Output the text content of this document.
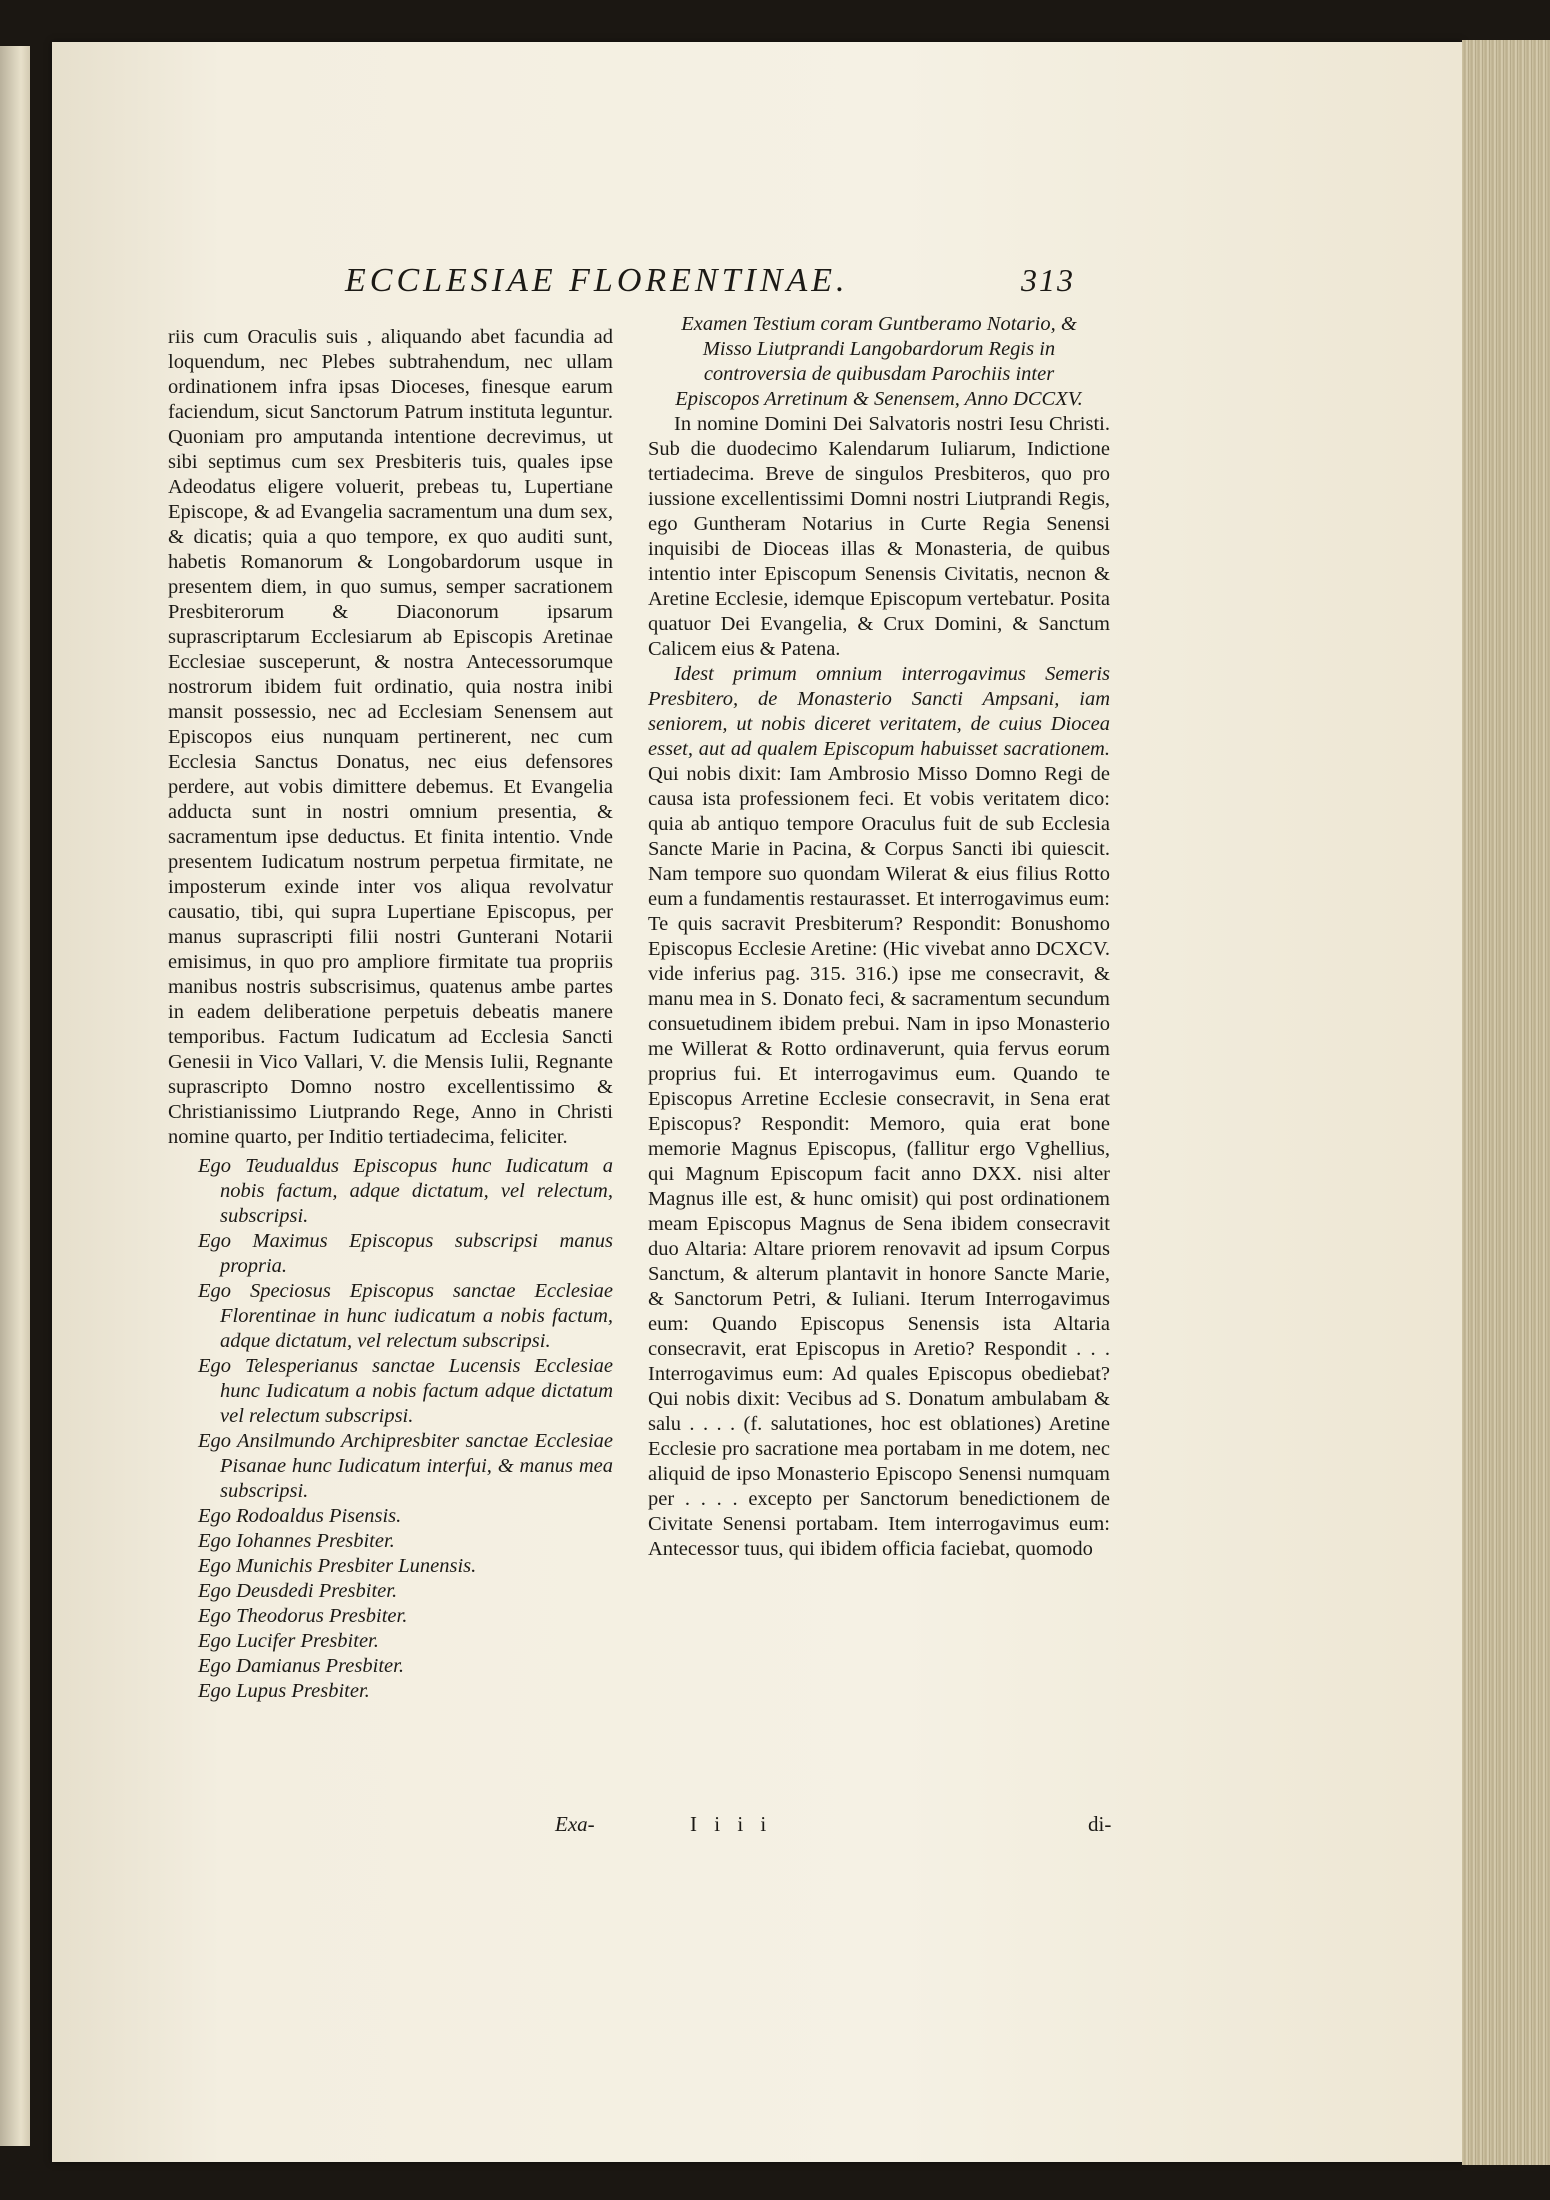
ECCLESIAE FLORENTINAE.	313

riis cum Oraculis suis , aliquando abet facundia ad loquendum, nec Plebes subtrahendum, nec ullam ordinationem infra ipsas Dioceses, finesque earum faciendum, sicut Sanctorum Patrum instituta leguntur. Quoniam pro amputanda intentione decrevimus, ut sibi septimus cum sex Presbiteris tuis, quales ipse Adeodatus eligere voluerit, prebeas tu, Lupertiane Episcope, & ad Evangelia sacramentum una dum sex, & dicatis; quia a quo tempore, ex quo auditi sunt, habetis Romanorum & Longobardorum usque in presentem diem, in quo sumus, semper sacrationem Presbiterorum & Diaconorum ipsarum suprascriptarum Ecclesiarum ab Episcopis Aretinae Ecclesiae susceperunt, & nostra Antecessorumque nostrorum ibidem fuit ordinatio, quia nostra inibi mansit possessio, nec ad Ecclesiam Senensem aut Episcopos eius nunquam pertinerent, nec cum Ecclesia Sanctus Donatus, nec eius defensores perdere, aut vobis dimittere debemus. Et Evangelia adducta sunt in nostri omnium presentia, & sacramentum ipse deductus. Et finita intentio. Vnde presentem Iudicatum nostrum perpetua firmitate, ne imposterum exinde inter vos aliqua revolvatur causatio, tibi, qui supra Lupertiane Episcopus, per manus suprascripti filii nostri Gunterani Notarii emisimus, in quo pro ampliore firmitate tua propriis manibus nostris subscrisimus, quatenus ambe partes in eadem deliberatione perpetuis debeatis manere temporibus. Factum Iudicatum ad Ecclesia Sancti Genesii in Vico Vallari, V. die Mensis Iulii, Regnante suprascripto Domno nostro excellentissimo & Christianissimo Liutprando Rege, Anno in Christi nomine quarto, per Inditio tertiadecima, feliciter.

Ego Teudualdus Episcopus hunc Iudicatum a nobis factum, adque dictatum, vel relectum, subscripsi.
Ego Maximus Episcopus subscripsi manus propria.
Ego Speciosus Episcopus sanctae Ecclesiae Florentinae in hunc iudicatum a nobis factum, adque dictatum, vel relectum subscripsi.
Ego Telesperianus sanctae Lucensis Ecclesiae hunc Iudicatum a nobis factum adque dictatum vel relectum subscripsi.
Ego Ansilmundo Archipresbiter sanctae Ecclesiae Pisanae hunc Iudicatum interfui, & manus mea subscripsi.
Ego Rodoaldus Pisensis.
Ego Iohannes Presbiter.
Ego Munichis Presbiter Lunensis.
Ego Deusdedi Presbiter.
Ego Theodorus Presbiter.
Ego Lucifer Presbiter.
Ego Damianus Presbiter.
Ego Lupus Presbiter.
Exa-

Examen Testium coram Guntberamo Notario, & Misso Liutprandi Langobardorum Regis in controversia de quibusdam Parochiis inter Episcopos Arretinum & Senensem, Anno DCCXV.

In nomine Domini Dei Salvatoris nostri Iesu Christi. Sub die duodecimo Kalendarum Iuliarum, Indictione tertiadecima. Breve de singulos Presbiteros, quo pro iussione excellentissimi Domni nostri Liutprandi Regis, ego Guntheram Notarius in Curte Regia Senensi inquisibi de Dioceas illas & Monasteria, de quibus intentio inter Episcopum Senensis Civitatis, necnon & Aretine Ecclesie, idemque Episcopum vertebatur. Posita quatuor Dei Evangelia, & Crux Domini, & Sanctum Calicem eius & Patena.

Idest primum omnium interrogavimus Semeris Presbitero, de Monasterio Sancti Ampsani, iam seniorem, ut nobis diceret veritatem, de cuius Diocea esset, aut ad qualem Episcopum habuisset sacrationem. Qui nobis dixit: Iam Ambrosio Misso Domno Regi de causa ista professionem feci. Et vobis veritatem dico: quia ab antiquo tempore Oraculus fuit de sub Ecclesia Sancte Marie in Pacina, & Corpus Sancti ibi quiescit. Nam tempore suo quondam Wilerat & eius filius Rotto eum a fundamentis restaurasset. Et interrogavimus eum: Te quis sacravit Presbiterum? Respondit: Bonushomo Episcopus Ecclesie Aretine: (Hic vivebat anno DCXCV. vide inferius pag. 315. 316.) ipse me consecravit, & manu mea in S. Donato feci, & sacramentum secundum consuetudinem ibidem prebui. Nam in ipso Monasterio me Willerat & Rotto ordinaverunt, quia fervus eorum proprius fui. Et interrogavimus eum. Quando te Episcopus Arretine Ecclesie consecravit, in Sena erat Episcopus? Respondit: Memoro, quia erat bone memorie Magnus Episcopus, (fallitur ergo Vghellius, qui Magnum Episcopum facit anno DXX. nisi alter Magnus ille est, & hunc omisit) qui post ordinationem meam Episcopus Magnus de Sena ibidem consecravit duo Altaria: Altare priorem renovavit ad ipsum Corpus Sanctum, & alterum plantavit in honore Sancte Marie, & Sanctorum Petri, & Iuliani. Iterum Interrogavimus eum: Quando Episcopus Senensis ista Altaria consecravit, erat Episcopus in Aretio? Respondit . . . Interrogavimus eum: Ad quales Episcopus obediebat? Qui nobis dixit: Vecibus ad S. Donatum ambulabam & salu . . . . (f. salutationes, hoc est oblationes) Aretine Ecclesie pro sacratione mea portabam in me dotem, nec aliquid de ipso Monasterio Episcopo Senensi numquam per . . . . excepto per Sanctorum benedictionem de Civitate Senensi portabam. Item interrogavimus eum: Antecessor tuus, qui ibidem officia faciebat, quomodo

I i i i	di-
